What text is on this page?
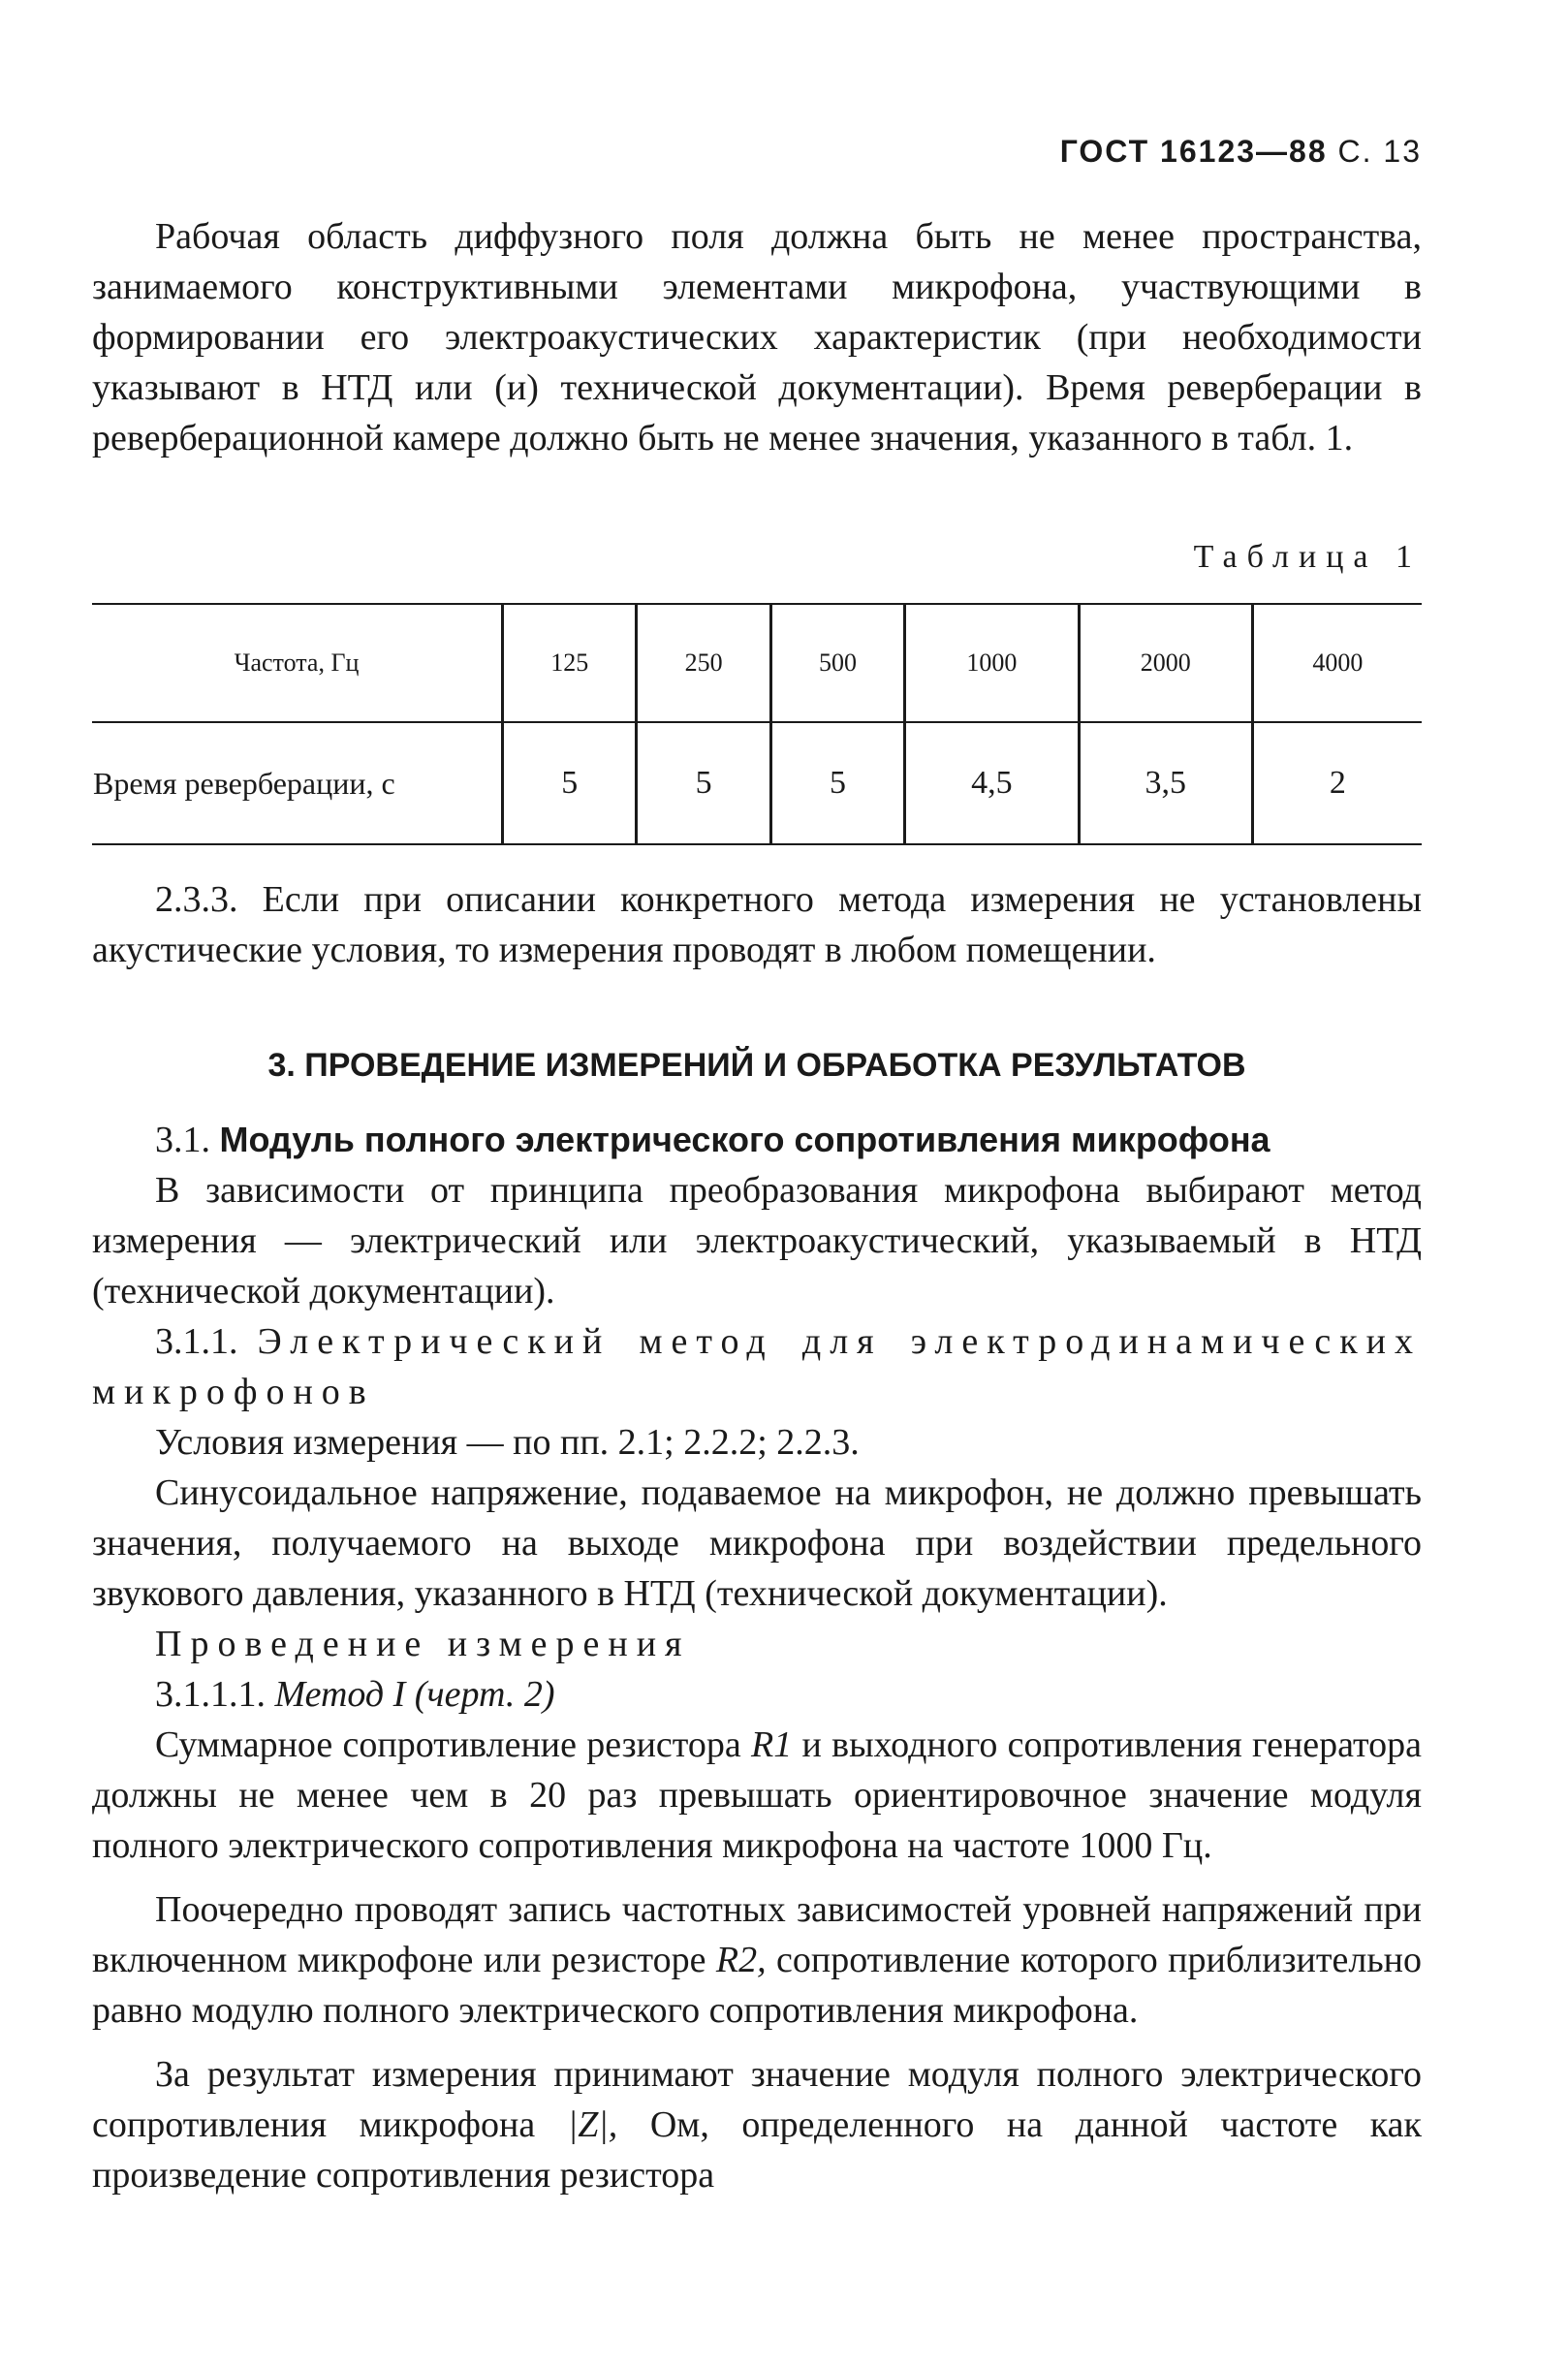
ГОСТ 16123—88 С. 13

Рабочая область диффузного поля должна быть не менее пространства, занимаемого конструктивными элементами микрофона, участвующими в формировании его электроакустических характеристик (при необходимости указывают в НТД или (и) технической документации). Время реверберации в реверберационной камере должно быть не менее значения, указанного в табл. 1.

Таблица 1
Частота, Гц	125	250	500	1000	2000	4000
Время реверберации, с	5	5	5	4,5	3,5	2

2.3.3. Если при описании конкретного метода измерения не установлены акустические условия, то измерения проводят в любом помещении.

3. ПРОВЕДЕНИЕ ИЗМЕРЕНИЙ И ОБРАБОТКА РЕЗУЛЬТАТОВ

3.1. Модуль полного электрического сопротивления микрофона

В зависимости от принципа преобразования микрофона выбирают метод измерения — электрический или электроакустический, указываемый в НТД (технической документации).

3.1.1. Электрический метод для электродинамических микрофонов

Условия измерения — по пп. 2.1; 2.2.2; 2.2.3.

Синусоидальное напряжение, подаваемое на микрофон, не должно превышать значения, получаемого на выходе микрофона при воздействии предельного звукового давления, указанного в НТД (технической документации).

Проведение измерения

3.1.1.1. Метод I (черт. 2)

Суммарное сопротивление резистора R1 и выходного сопротивления генератора должны не менее чем в 20 раз превышать ориентировочное значение модуля полного электрического сопротивления микрофона на частоте 1000 Гц.

Поочередно проводят запись частотных зависимостей уровней напряжений при включенном микрофоне или резисторе R2, сопротивление которого приблизительно равно модулю полного электрического сопротивления микрофона.

За результат измерения принимают значение модуля полного электрического сопротивления микрофона |Z|, Ом, определенного на данной частоте как произведение сопротивления резистора
